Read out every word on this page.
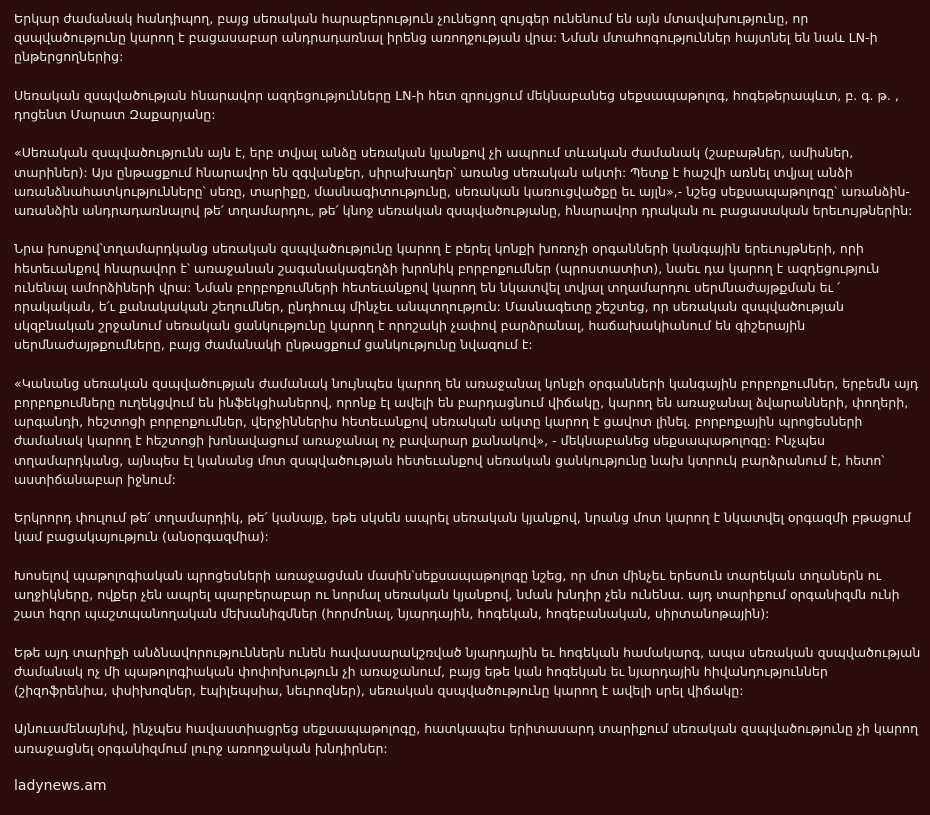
Երկար ժամանակ հանդիպող, բայց սեռական հարաբերություն չունեցող զույգեր ունենում են այն մտավախությունը, որ զսպվածությունը կարող է բացասաբար անդրադառնալ իրենց առողջության վրա: Նման մտահոգություններ հայտնել են նաև LN-ի ընթերցողներից:

Սեռական զսպվածության հնարավոր ազդեցությունները LN-ի հետ զրույցում մեկնաբանեց սեքսապաթոլոգ, հոգեթերապևտ, բ. գ. թ. , դոցենտ Մարատ Զաքարյանը:

«Սեռական զսպվածությունն այն է, երբ տվյալ անձը սեռական կյանքով չի ապրում տևական ժամանակ (շաբաթներ, ամիսներ, տարիներ): Այս ընթացքում հնարավոր են զգվանքեր, սիրախաղեր՝ առանց սեռական ակտի: Պետք է հաշվի առնել տվյալ անձի առանձնահատկությունները՝ սեռը, տարիքը, մասնագիտությունը, սեռական կառուցվածքը եւ այլն»,- նշեց սեքսապաթոլոգը՝ առանձին-առանձին անդրադառնալով թե՛ տղամարդու, թե՛ կնոջ սեռական զսպվածությանը, հնարավոր դրական ու բացասական երեւույթներին:

Նրա խոսքով՝տղամարդկանց սեռական զսպվածությունը կարող է բերել կոնքի խոռոչի օրգանների կանգային երեւույթների, որի հետեւանքով հնարավոր է՝ առաջանան շագանակագեղձի խրոնիկ բորբոքումներ (պրոստատիտ), նաեւ դա կարող է ազդեցություն ունենալ ամորձիների վրա: Նման բորբոքումների հետեւանքով կարող են նկատվել տվյալ տղամարդու սերմնաժայթքման եւ ՛ որակական, ե՛ւ քանակական շեղումներ, ընդհուպ մինչեւ անպտղություն: Մասնագետը շեշտեց, որ սեռական զսպվածության սկզբնական շրջանում սեռական ցանկությունը կարող է որոշակի չափով բարձրանալ, հաճախակիանում են գիշերային սերմնաժայթքումները, բայց ժամանակի ընթացքում ցանկությունը նվազում է:

«Կանանց սեռական զսպվածության ժամանակ նույնպես կարող են առաջանալ կոնքի օրգանների կանգային բորբոքումներ, երբեմն այդ բորբոքումները ուղեկցվում են ինֆեկցիաներով, որոնք էլ ավելի են բարդացնում վիճակը, կարող են առաջանալ ձվարանների, փողերի, արգանդի, հեշտոցի բորբոքումներ, վերջիններիս հետեւանքով սեռական ակտը կարող է ցավոտ լինել. բորբոքային պրոցեսների ժամանակ կարող է հեշտոցի խոնավացում առաջանալ ոչ բավարար քանակով», - մեկնաբանեց սեքսապաթոլոգը: Ինչպես տղամարդկանց, այնպես էլ կանանց մոտ զսպվածության հետեւանքով սեռական ցանկությունը նախ կտրուկ բարձրանում է, հետո՝ աստիճանաբար իջնում:

Երկրորդ փուլում թե՛ տղամարդիկ, թե՛ կանայք, եթե սկսեն ապրել սեռական կյանքով, նրանց մոտ կարող է նկատվել օրգազմի բթացում կամ բացակայություն (անօրգազմիա):

Խոսելով պաթոլոգիական պրոցեսների առաջացման մասին՝սեքսապաթոլոգը նշեց, որ մոտ մինչեւ երեսուն տարեկան տղաներն ու աղջիկները, ովքեր չեն ապրել պարբերաբար ու նորմալ սեռական կյանքով, նման խնդիր չեն ունենա. այդ տարիքում օրգանիզմն ունի շատ հզոր պաշտպանողական մեխանիզմներ (հորմոնալ, նյարդային, հոգեկան, հոգեբանական, սիրտանոթային):

Եթե այդ տարիքի անձնավորություններն ունեն հավասարակշռված նյարդային եւ հոգեկան համակարգ, ապա սեռական զսպվածության ժամանակ ոչ մի պաթոլոգիական փոփոխություն չի առաջանում, բայց եթե կան հոգեկան եւ նյարդային հիվանդություններ (շիզոֆրենիա, փսիխոզներ, էպիլեպսիա, նեւրոզներ), սեռական զսպվածությունը կարող է ավելի սրել վիճակը:

Այնուամենայնիվ, ինչպես հավաստիացրեց սեքսապաթոլոգը, հատկապես երիտասարդ տարիքում սեռական զսպվածությունը չի կարող առաջացնել օրգանիզմում լուրջ առողջական խնդիրներ:

ladynews.am
